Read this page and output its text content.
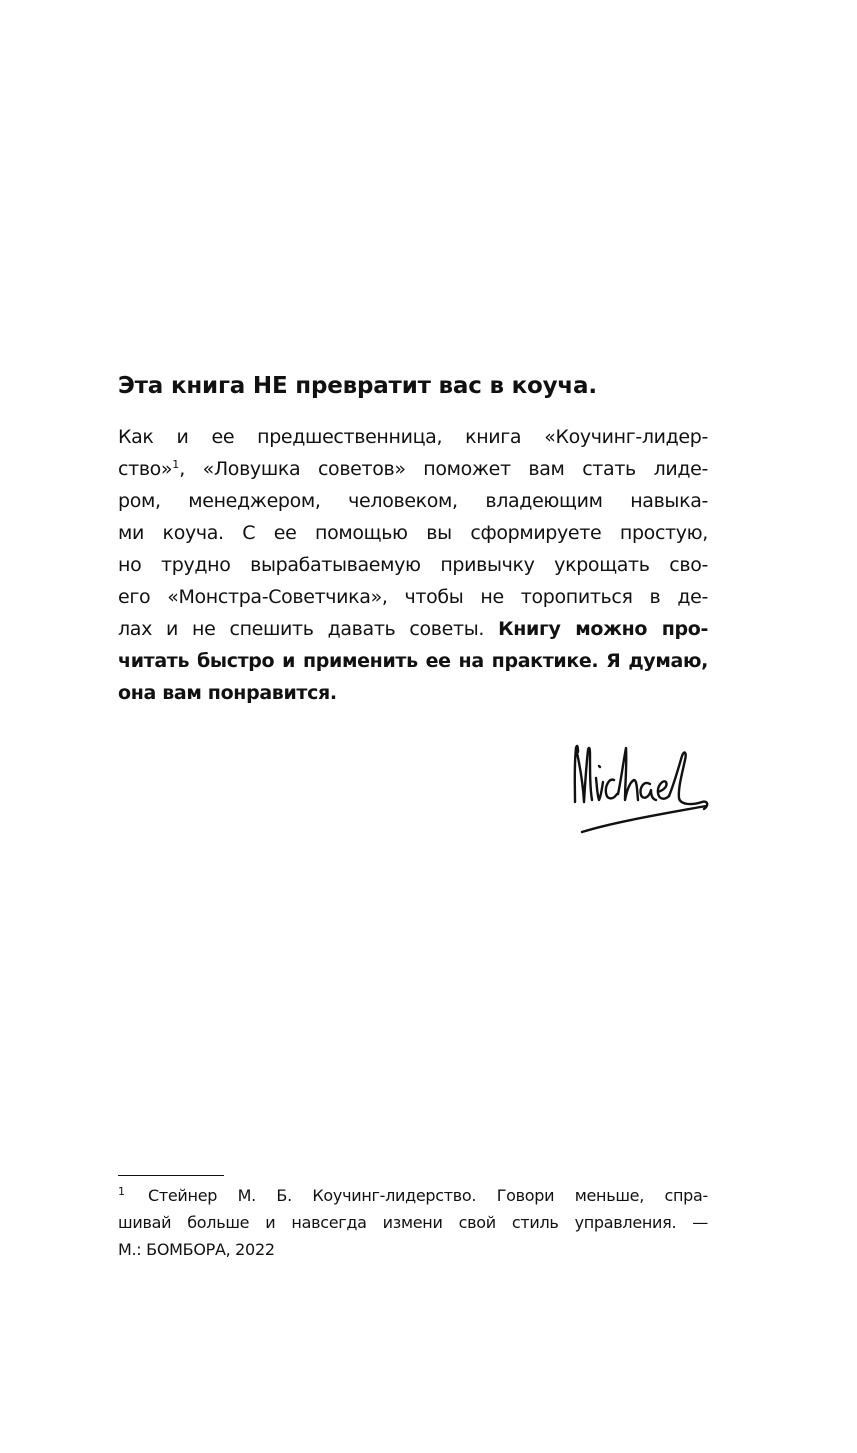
Эта книга НЕ превратит вас в коуча.
Как и ее предшественница, книга «Коучинг-лидер-
ство»$^1$, «Ловушка советов» поможет вам стать лиде-
ром, менеджером, человеком, владеющим навыка-
ми коуча. С ее помощью вы сформируете простую,
но трудно вырабатываемую привычку укрощать сво-
его «Монстра-Советчика», чтобы не торопиться в де-
лах и не спешить давать советы. Книгу можно про-
читать быстро и применить ее на практике. Я думаю,
она вам понравится.
1 Стейнер М. Б. Коучинг-лидерство. Говори меньше, спра-
шивай больше и навсегда измени свой стиль управления. —
М.: БОМБОРА, 2022
